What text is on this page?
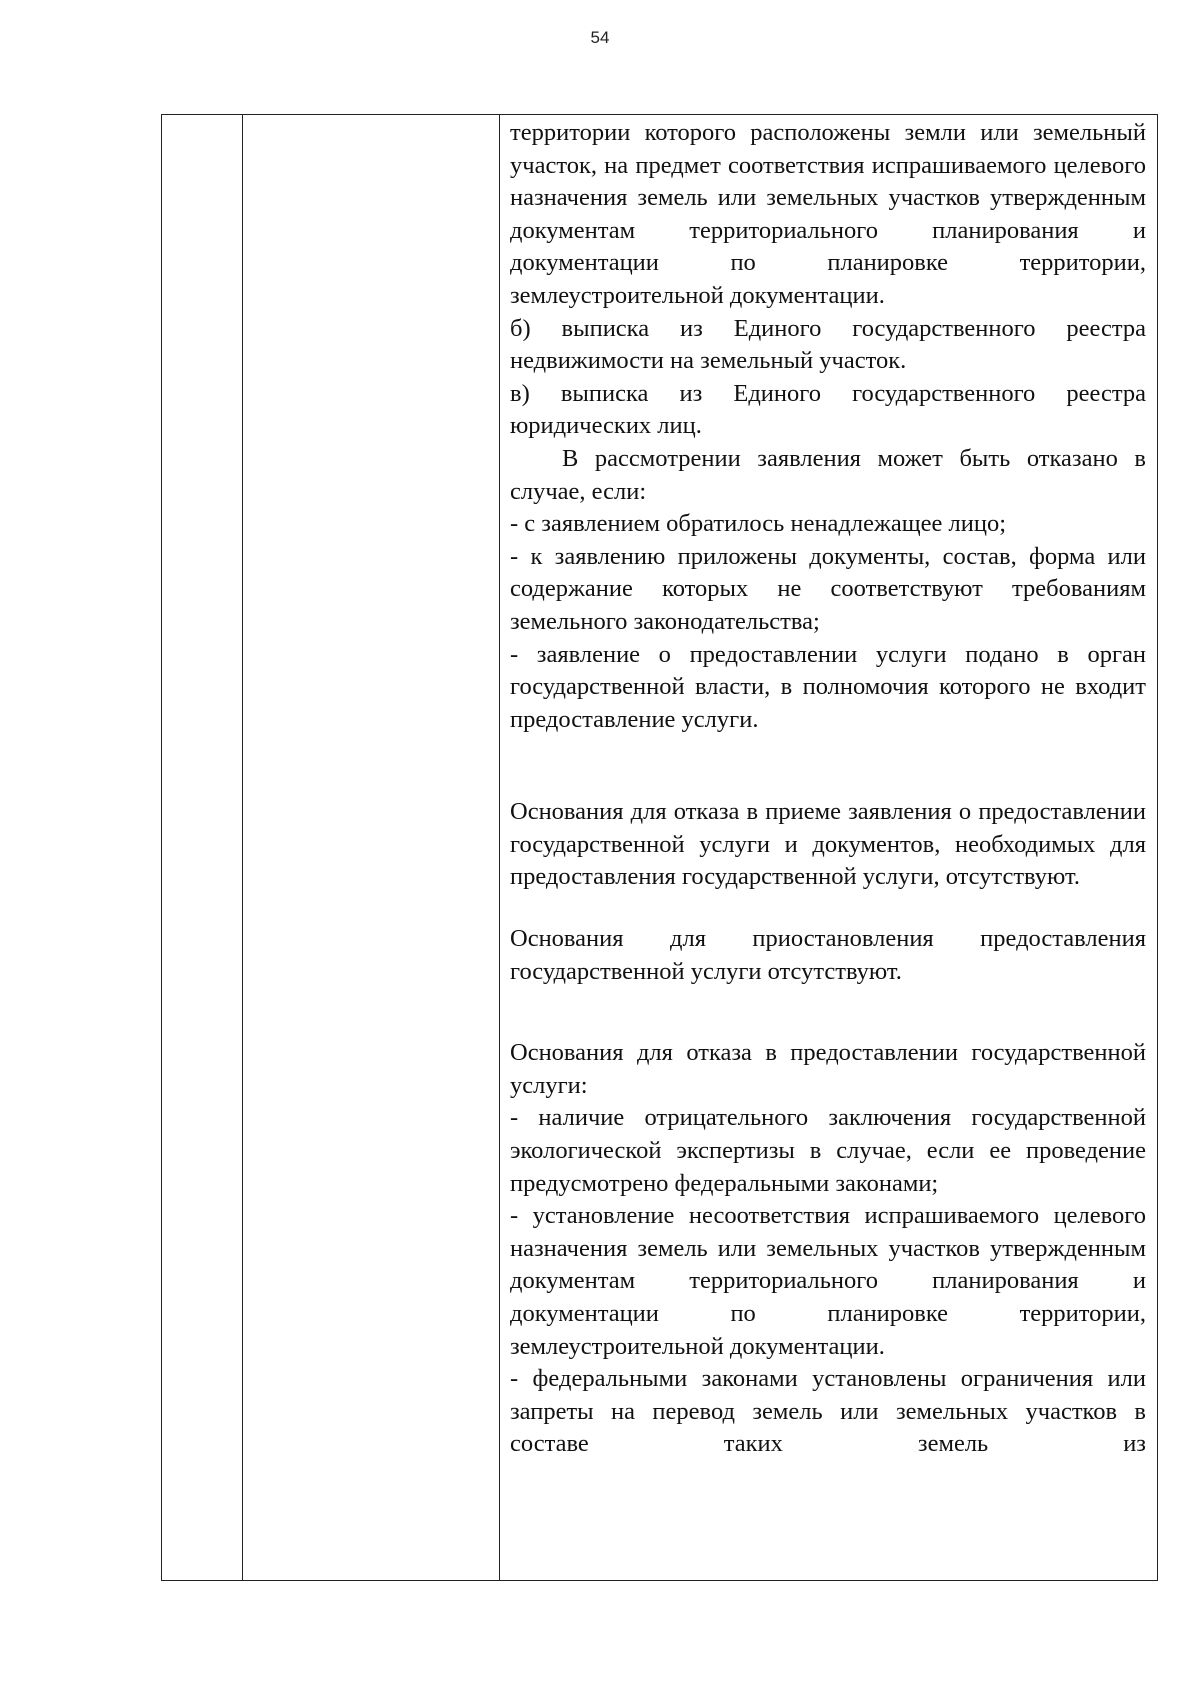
54

территории которого расположены земли или земельный участок, на предмет соответствия испрашиваемого целевого назначения земель или земельных участков утвержденным документам территориального планирования и документации по планировке территории, землеустроительной документации.

б) выписка из Единого государственного реестра недвижимости на земельный участок.

в) выписка из Единого государственного реестра юридических лиц.

В рассмотрении заявления может быть отказано в случае, если:

- с заявлением обратилось ненадлежащее лицо;

- к заявлению приложены документы, состав, форма или содержание которых не соответствуют требованиям земельного законодательства;

- заявление о предоставлении услуги подано в орган государственной власти, в полномочия которого не входит предоставление услуги.

Основания для отказа в приеме заявления о предоставлении государственной услуги и документов, необходимых для предоставления государственной услуги, отсутствуют.

Основания для приостановления предоставления государственной услуги отсутствуют.

Основания для отказа в предоставлении государственной услуги:

- наличие отрицательного заключения государственной экологической экспертизы в случае, если ее проведение предусмотрено федеральными законами;

- установление несоответствия испрашиваемого целевого назначения земель или земельных участков утвержденным документам территориального планирования и документации по планировке территории, землеустроительной документации.

- федеральными законами установлены ограничения или запреты на перевод земель или земельных участков в составе таких земель из
